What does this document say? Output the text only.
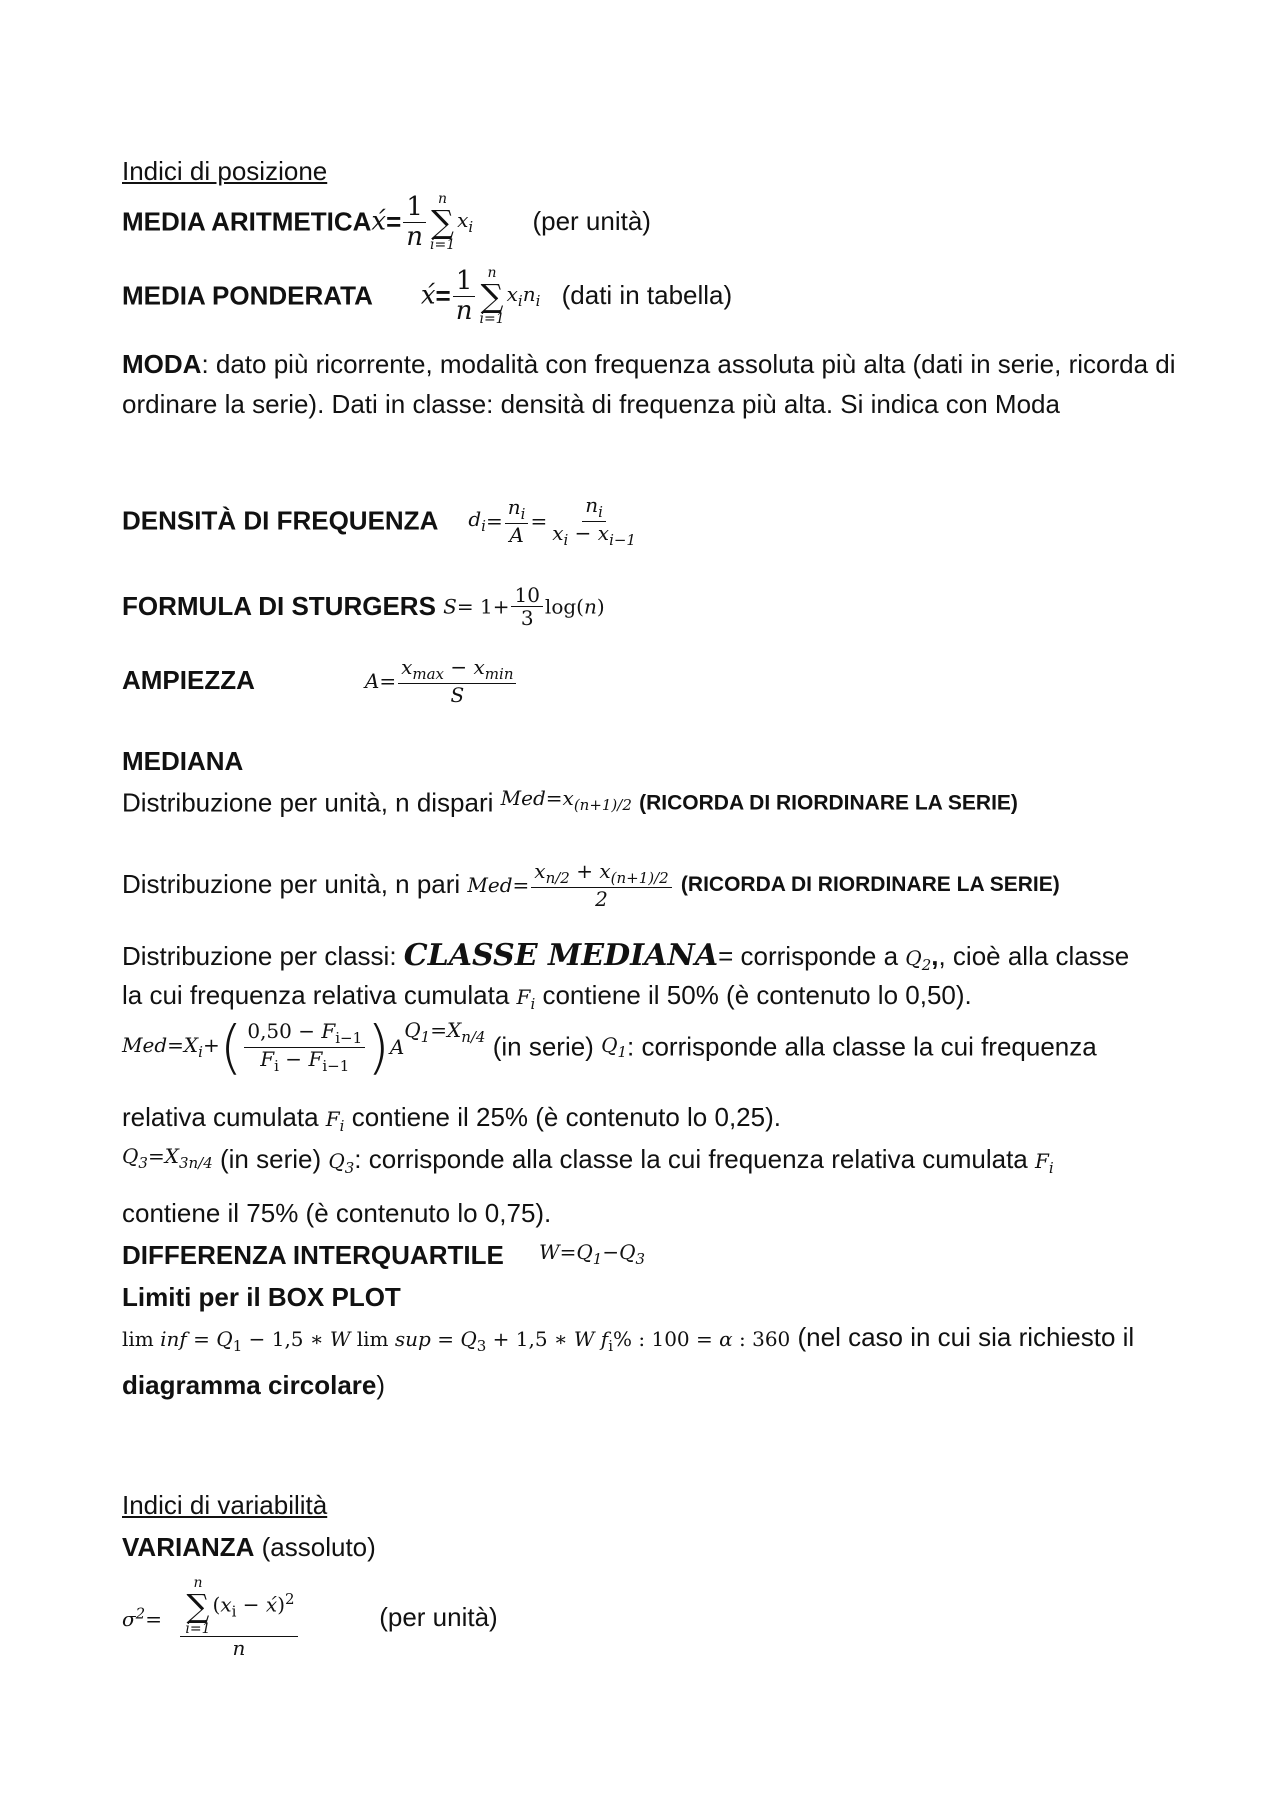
Indici di posizione
MEDIA ARITMETICAx́= $\frac{1}{n}$ n
∑
i=1
$x_i$ (per unità)
MEDIA PONDERATA x́= $\frac{1}{n}$ n
∑
i=1
$x_in_i$ (dati in tabella)
MODA: dato più ricorrente, modalità con frequenza assoluta più alta (dati in serie, ricorda di ordinare la serie). Dati in classe: densità di frequenza più alta. Si indica con Moda
DENSITÀ DI FREQUENZA $d_i= \frac{n_i}{A} = \frac{n_i}{x_i - x_{i-1}}$
FORMULA DI STURGERS $S= 1+ \frac{10}{3} \log(n)$
AMPIEZZA	$A= \frac{x_{max} - x_{min}}{S}$
MEDIANA
Distribuzione per unità, n dispari $^{Med=x_{(n+1)/2}}$ (RICORDA DI RIORDINARE LA SERIE)
Distribuzione per unità, n pari $Med= \frac{x_{n/2} + x_{(n+1)/2}}{2}$ (RICORDA DI RIORDINARE LA SERIE)
Distribuzione per classi: CLASSE MEDIANA= corrisponde a $Q_2$,, cioè alla classe
la cui frequenza relativa cumulata $F_i$ contiene il 50% (è contenuto lo 0,50).
$Med=X_i+( \frac{0,50 - F_{i-1}}{F_i - F_{i-1}} )A^{Q_1=X_{n/4}}$ (in serie) $Q_1$: corrisponde alla classe la cui frequenza
relativa cumulata $F_i$ contiene il 25% (è contenuto lo 0,25).
$^{Q_3=X_{3n/4}}$ (in serie) $Q_3$: corrisponde alla classe la cui frequenza relativa cumulata $F_i$
contiene il 75% (è contenuto lo 0,75).
DIFFERENZA INTERQUARTILE $^{W=Q_1-Q_3}$
Limiti per il BOX PLOT
lim inf = $Q_1 - 1,5$ ∗ W lim sup = $Q_3 + 1,5$ ∗ W $f_i\%$ : 100 = α : 360 (nel caso in cui sia richiesto il
diagramma circolare)
Indici di variabilità
VARIANZA (assoluto)
$\sigma^2= n$
∑
i=1
($x_i$ − x́)$^2$
n	(per unità)
